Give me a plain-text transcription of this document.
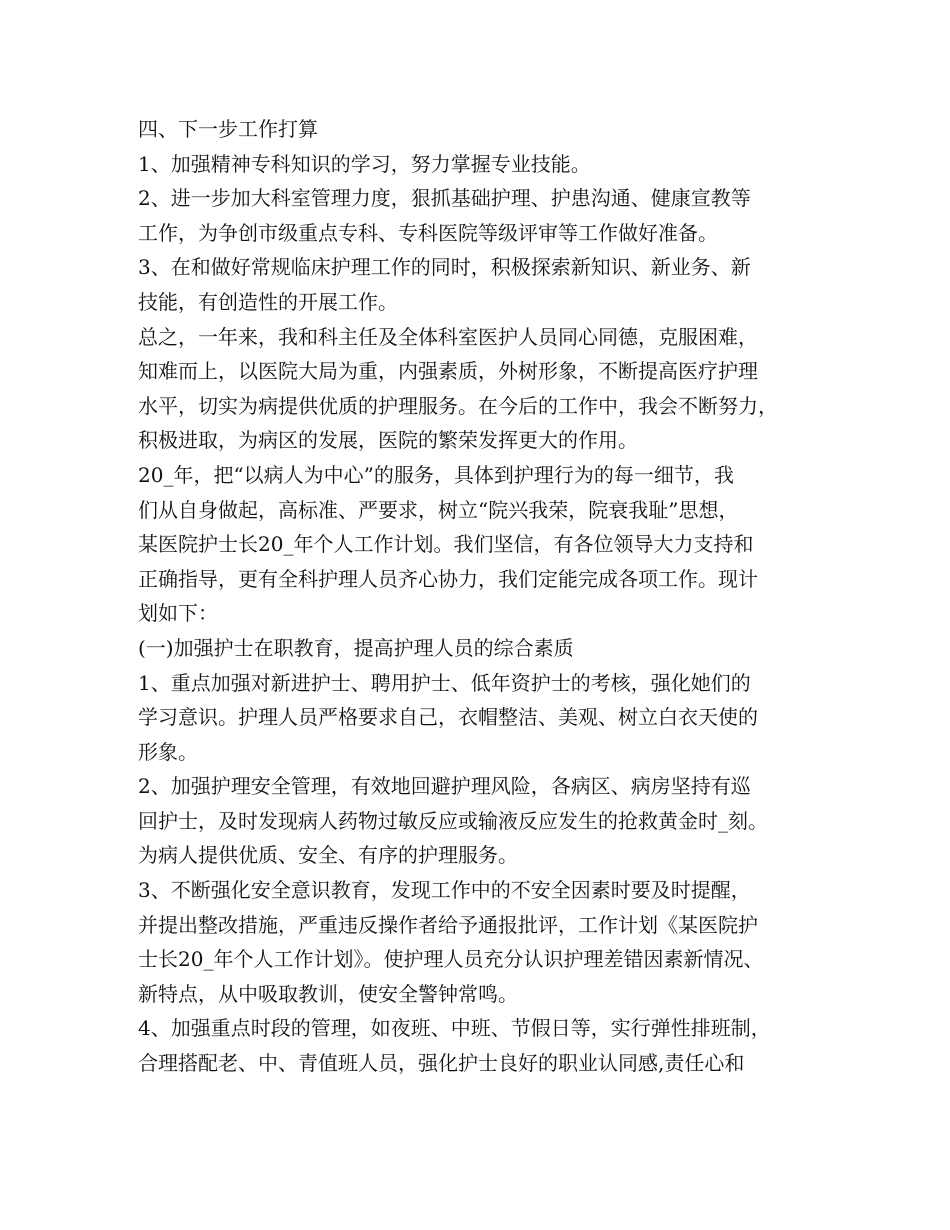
四、下一步工作打算
1、加强精神专科知识的学习，努力掌握专业技能。
2、进一步加大科室管理力度，狠抓基础护理、护患沟通、健康宣教等
工作，为争创市级重点专科、专科医院等级评审等工作做好准备。
3、在和做好常规临床护理工作的同时，积极探索新知识、新业务、新
技能，有创造性的开展工作。
总之，一年来，我和科主任及全体科室医护人员同心同德，克服困难，
知难而上，以医院大局为重，内强素质，外树形象，不断提高医疗护理
水平，切实为病提供优质的护理服务。在今后的工作中，我会不断努力，
积极进取，为病区的发展，医院的繁荣发挥更大的作用。
20_年，把“以病人为中心”的服务，具体到护理行为的每一细节，我
们从自身做起，高标准、严要求，树立“院兴我荣，院衰我耻”思想，
某医院护士长20_年个人工作计划。我们坚信，有各位领导大力支持和
正确指导，更有全科护理人员齐心协力，我们定能完成各项工作。现计
划如下：
(一)加强护士在职教育，提高护理人员的综合素质
1、重点加强对新进护士、聘用护士、低年资护士的考核，强化她们的
学习意识。护理人员严格要求自己，衣帽整洁、美观、树立白衣天使的
形象。
2、加强护理安全管理，有效地回避护理风险，各病区、病房坚持有巡
回护士，及时发现病人药物过敏反应或输液反应发生的抢救黄金时_刻。
为病人提供优质、安全、有序的护理服务。
3、不断强化安全意识教育，发现工作中的不安全因素时要及时提醒，
并提出整改措施，严重违反操作者给予通报批评，工作计划《某医院护
士长20_年个人工作计划》。使护理人员充分认识护理差错因素新情况、
新特点，从中吸取教训，使安全警钟常鸣。
4、加强重点时段的管理，如夜班、中班、节假日等，实行弹性排班制，
合理搭配老、中、青值班人员，强化护士良好的职业认同感,责任心和
